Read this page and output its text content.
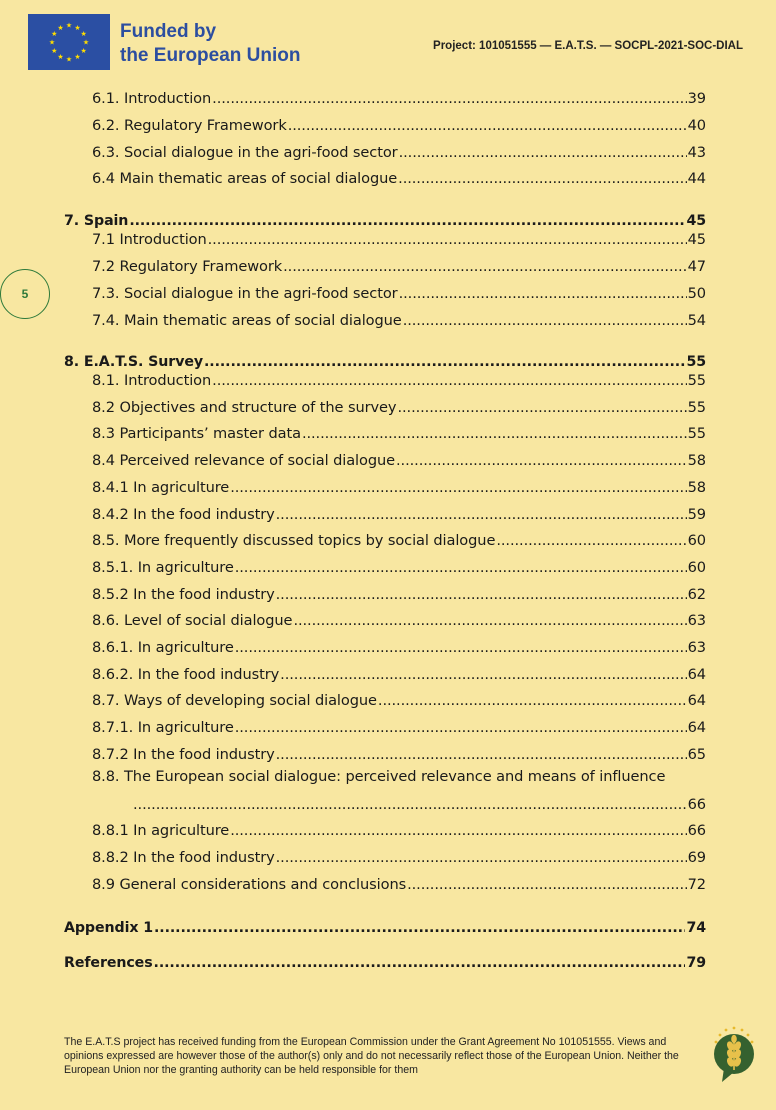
★ ★
★
★
★
★
★
★
★
★
★
★	Funded by
the European Union	Project: 101051555 — E.A.T.S. — SOCPL-2021-SOC-DIAL
5
6.1. Introduction .....	39
6.2. Regulatory Framework .....	40
6.3. Social dialogue in the agri-food sector .....	43
6.4 Main thematic areas of social dialogue .....	44
7. Spain .....	45
7.1 Introduction .....	45
7.2 Regulatory Framework .....	47
7.3. Social dialogue in the agri-food sector .....	50
7.4. Main thematic areas of social dialogue .....	54
8. E.A.T.S. Survey .....	55
8.1. Introduction .....	55
8.2 Objectives and structure of the survey .....	55
8.3 Participants’ master data .....	55
8.4 Perceived relevance of social dialogue .....	58
8.4.1 In agriculture .....	58
8.4.2 In the food industry .....	59
8.5. More frequently discussed topics by social dialogue .....	60
8.5.1. In agriculture .....	60
8.5.2 In the food industry .....	62
8.6. Level of social dialogue .....	63
8.6.1. In agriculture .....	63
8.6.2. In the food industry .....	64
8.7. Ways of developing social dialogue .....	64
8.7.1. In agriculture .....	64
8.7.2 In the food industry .....	65
8.8. The European social dialogue: perceived relevance and means of influence
.....
66
8.8.1 In agriculture .....	66
8.8.2 In the food industry .....	69
8.9 General considerations and conclusions .....	72
Appendix 1 .....	74
References .....	79
The E.A.T.S project has received funding from the European Commission under the Grant Agreement No 101051555. Views and opinions expressed are however those of the author(s) only and do not necessarily reflect those of the European Union. Neither the European Union nor the granting authority can be held responsible for them
